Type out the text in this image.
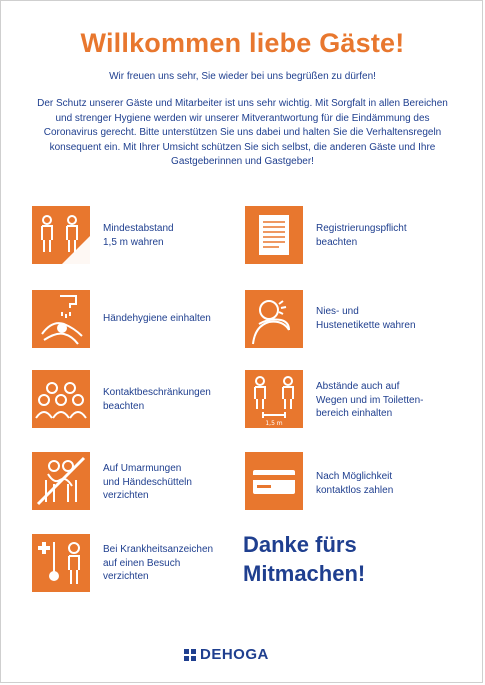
Willkommen liebe Gäste!
Wir freuen uns sehr, Sie wieder bei uns begrüßen zu dürfen!
Der Schutz unserer Gäste und Mitarbeiter ist uns sehr wichtig. Mit Sorgfalt in allen Bereichen und strenger Hygiene werden wir unserer Mitverantwortung für die Eindämmung des Coronavirus gerecht. Bitte unterstützen Sie uns dabei und halten Sie die Verhaltensregeln konsequent ein. Mit Ihrer Umsicht schützen Sie sich selbst, die anderen Gäste und Ihre Gastgeberinnen und Gastgeber!
Mindestabstand
1,5 m wahren
Registrierungspflicht
beachten
Händehygiene einhalten
Nies- und
Hustenetikette wahren
Kontaktbeschränkungen
beachten
1,5 m
Abstände auch auf
Wegen und im Toiletten-
bereich einhalten
Auf Umarmungen
und Händeschütteln
verzichten
Nach Möglichkeit
kontaktlos zahlen
Bei Krankheitsanzeichen
auf einen Besuch
verzichten
Danke fürs
Mitmachen!
DEHOGA
